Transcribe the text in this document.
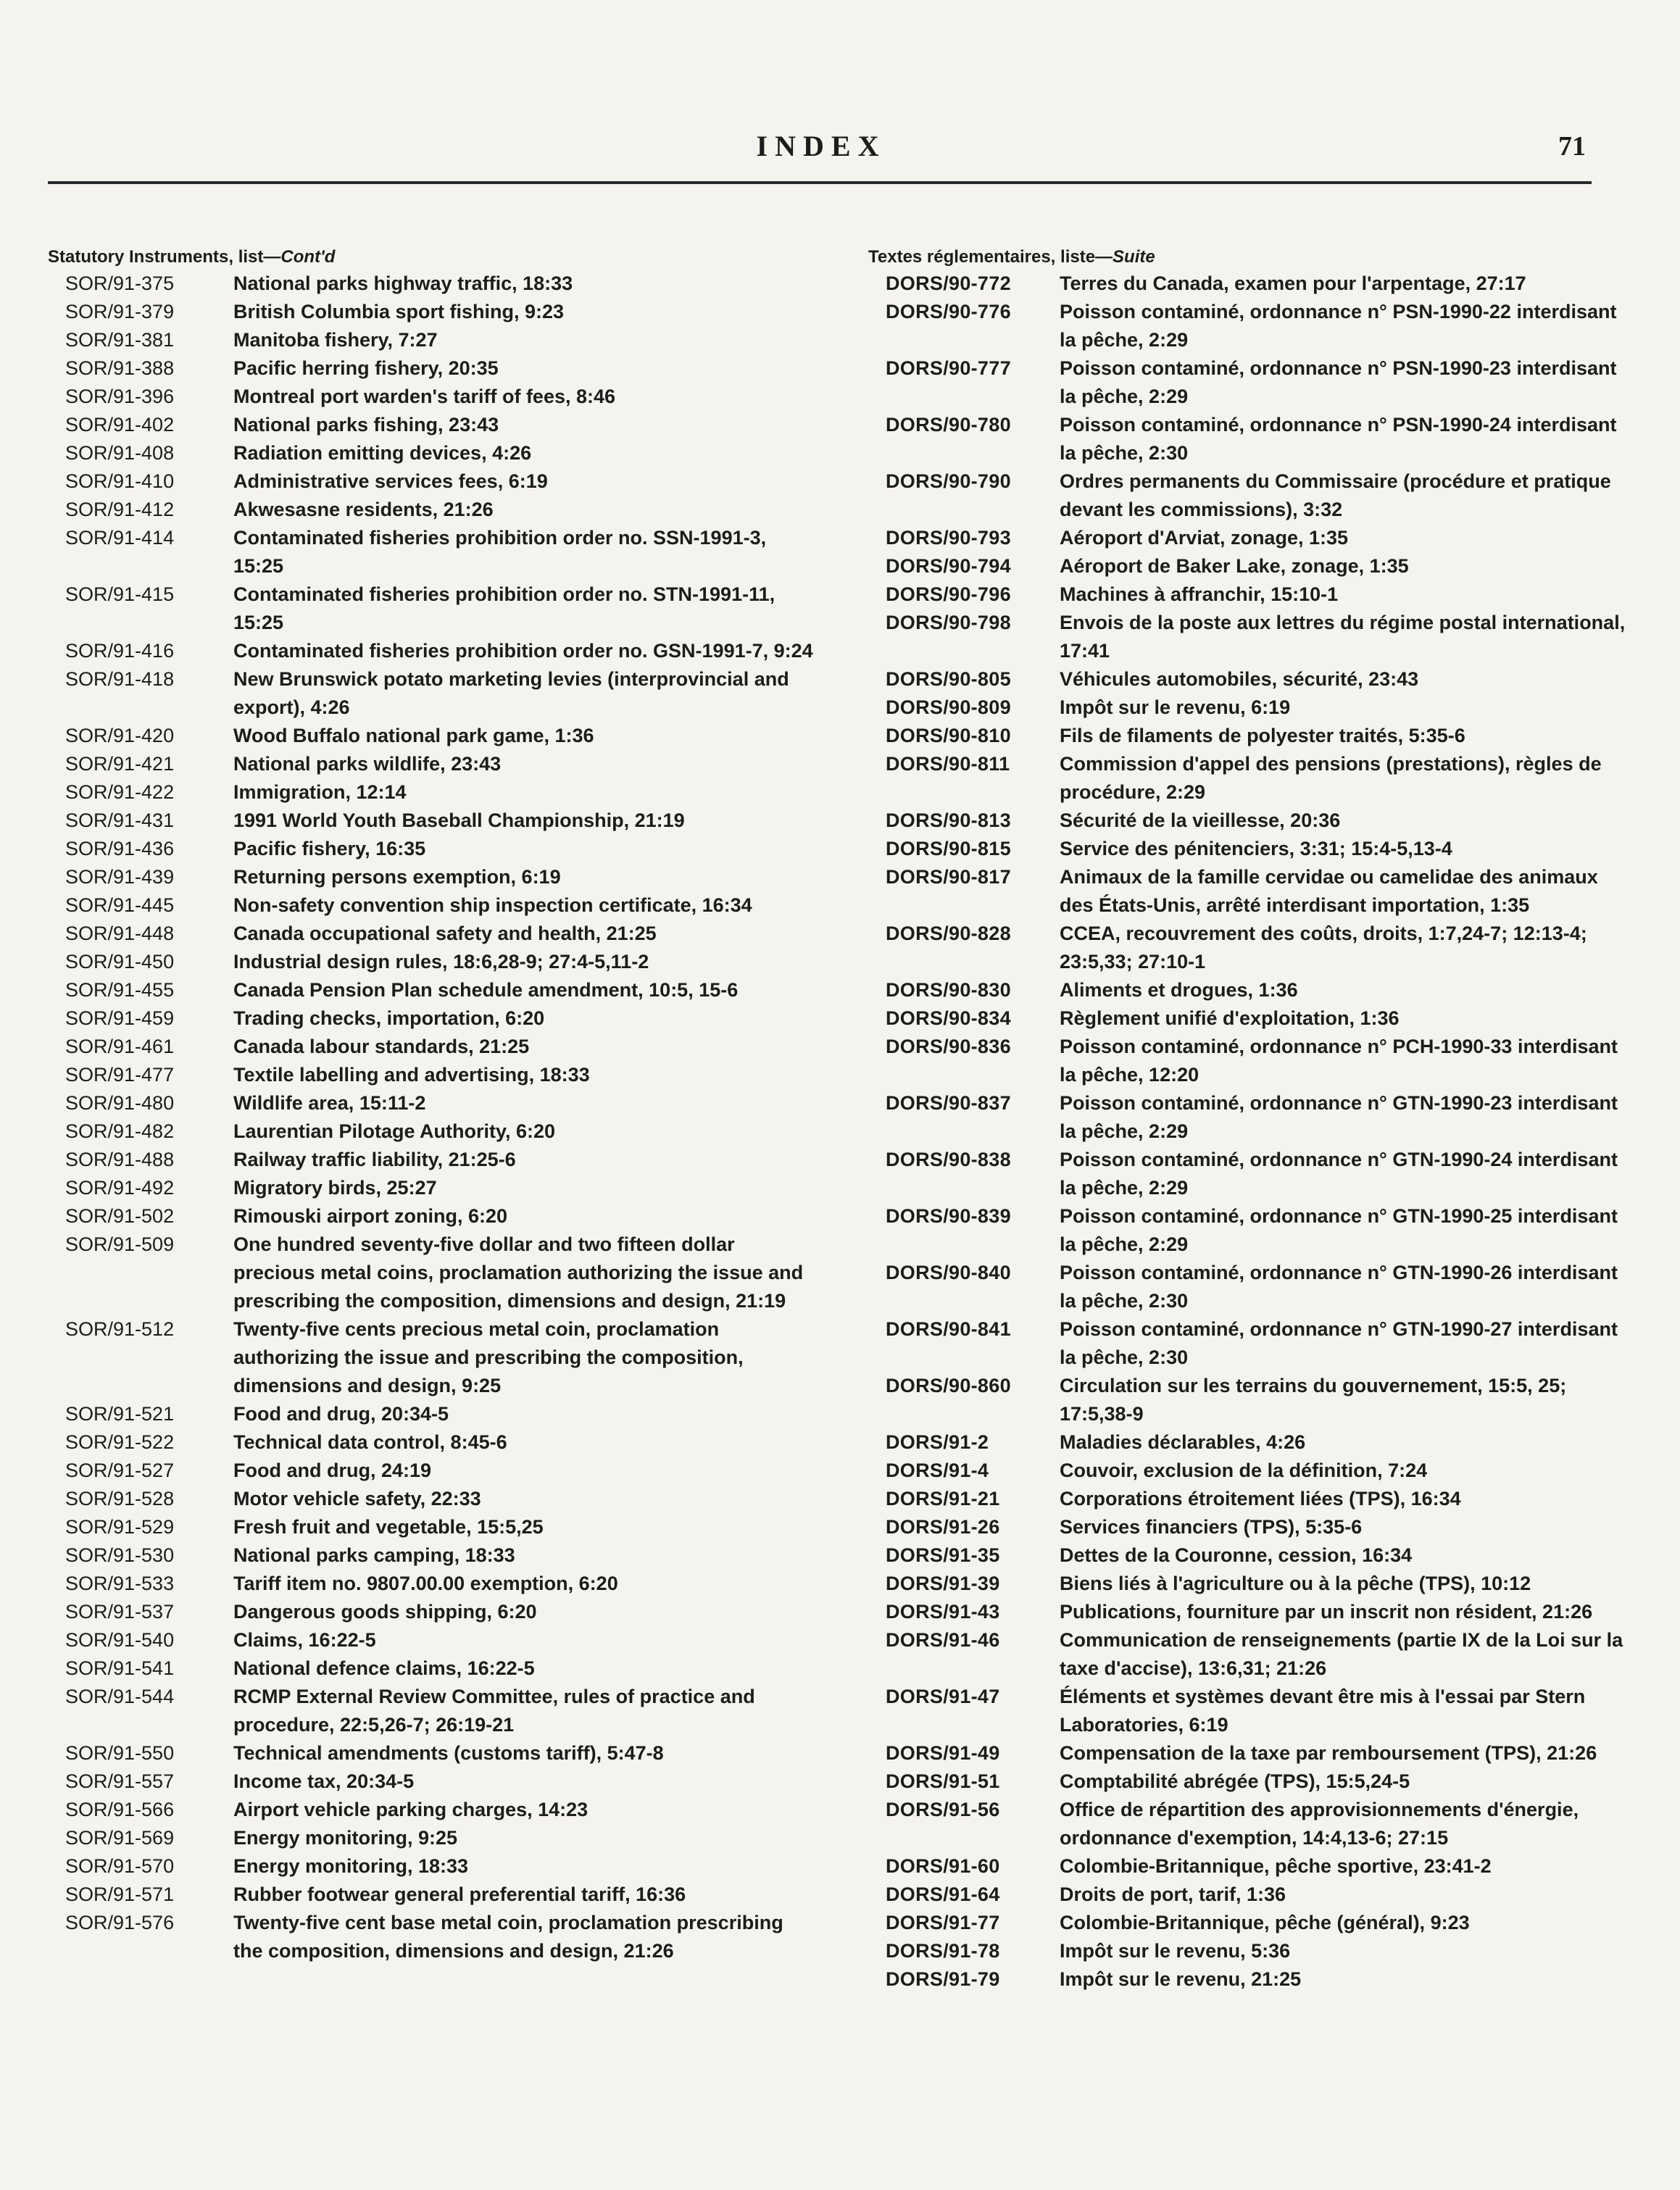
INDEX	71
Statutory Instruments, list—Cont'd
SOR/91-375	National parks highway traffic, 18:33
SOR/91-379	British Columbia sport fishing, 9:23
SOR/91-381	Manitoba fishery, 7:27
SOR/91-388	Pacific herring fishery, 20:35
SOR/91-396	Montreal port warden's tariff of fees, 8:46
SOR/91-402	National parks fishing, 23:43
SOR/91-408	Radiation emitting devices, 4:26
SOR/91-410	Administrative services fees, 6:19
SOR/91-412	Akwesasne residents, 21:26
SOR/91-414	Contaminated fisheries prohibition order no. SSN-1991-3, 15:25
SOR/91-415	Contaminated fisheries prohibition order no. STN-1991-11, 15:25
SOR/91-416	Contaminated fisheries prohibition order no. GSN-1991-7, 9:24
SOR/91-418	New Brunswick potato marketing levies (interprovincial and export), 4:26
SOR/91-420	Wood Buffalo national park game, 1:36
SOR/91-421	National parks wildlife, 23:43
SOR/91-422	Immigration, 12:14
SOR/91-431	1991 World Youth Baseball Championship, 21:19
SOR/91-436	Pacific fishery, 16:35
SOR/91-439	Returning persons exemption, 6:19
SOR/91-445	Non-safety convention ship inspection certificate, 16:34
SOR/91-448	Canada occupational safety and health, 21:25
SOR/91-450	Industrial design rules, 18:6,28-9; 27:4-5,11-2
SOR/91-455	Canada Pension Plan schedule amendment, 10:5, 15-6
SOR/91-459	Trading checks, importation, 6:20
SOR/91-461	Canada labour standards, 21:25
SOR/91-477	Textile labelling and advertising, 18:33
SOR/91-480	Wildlife area, 15:11-2
SOR/91-482	Laurentian Pilotage Authority, 6:20
SOR/91-488	Railway traffic liability, 21:25-6
SOR/91-492	Migratory birds, 25:27
SOR/91-502	Rimouski airport zoning, 6:20
SOR/91-509	One hundred seventy-five dollar and two fifteen dollar precious metal coins, proclamation authorizing the issue and prescribing the composition, dimensions and design, 21:19
SOR/91-512	Twenty-five cents precious metal coin, proclamation authorizing the issue and prescribing the composition, dimensions and design, 9:25
SOR/91-521	Food and drug, 20:34-5
SOR/91-522	Technical data control, 8:45-6
SOR/91-527	Food and drug, 24:19
SOR/91-528	Motor vehicle safety, 22:33
SOR/91-529	Fresh fruit and vegetable, 15:5,25
SOR/91-530	National parks camping, 18:33
SOR/91-533	Tariff item no. 9807.00.00 exemption, 6:20
SOR/91-537	Dangerous goods shipping, 6:20
SOR/91-540	Claims, 16:22-5
SOR/91-541	National defence claims, 16:22-5
SOR/91-544	RCMP External Review Committee, rules of practice and procedure, 22:5,26-7; 26:19-21
SOR/91-550	Technical amendments (customs tariff), 5:47-8
SOR/91-557	Income tax, 20:34-5
SOR/91-566	Airport vehicle parking charges, 14:23
SOR/91-569	Energy monitoring, 9:25
SOR/91-570	Energy monitoring, 18:33
SOR/91-571	Rubber footwear general preferential tariff, 16:36
SOR/91-576	Twenty-five cent base metal coin, proclamation prescribing the composition, dimensions and design, 21:26
Textes réglementaires, liste—Suite
DORS/90-772	Terres du Canada, examen pour l'arpentage, 27:17
DORS/90-776	Poisson contaminé, ordonnance n° PSN-1990-22 interdisant la pêche, 2:29
DORS/90-777	Poisson contaminé, ordonnance n° PSN-1990-23 interdisant la pêche, 2:29
DORS/90-780	Poisson contaminé, ordonnance n° PSN-1990-24 interdisant la pêche, 2:30
DORS/90-790	Ordres permanents du Commissaire (procédure et pratique devant les commissions), 3:32
DORS/90-793	Aéroport d'Arviat, zonage, 1:35
DORS/90-794	Aéroport de Baker Lake, zonage, 1:35
DORS/90-796	Machines à affranchir, 15:10-1
DORS/90-798	Envois de la poste aux lettres du régime postal international, 17:41
DORS/90-805	Véhicules automobiles, sécurité, 23:43
DORS/90-809	Impôt sur le revenu, 6:19
DORS/90-810	Fils de filaments de polyester traités, 5:35-6
DORS/90-811	Commission d'appel des pensions (prestations), règles de procédure, 2:29
DORS/90-813	Sécurité de la vieillesse, 20:36
DORS/90-815	Service des pénitenciers, 3:31; 15:4-5,13-4
DORS/90-817	Animaux de la famille cervidae ou camelidae des animaux des États-Unis, arrêté interdisant importation, 1:35
DORS/90-828	CCEA, recouvrement des coûts, droits, 1:7,24-7; 12:13-4; 23:5,33; 27:10-1
DORS/90-830	Aliments et drogues, 1:36
DORS/90-834	Règlement unifié d'exploitation, 1:36
DORS/90-836	Poisson contaminé, ordonnance n° PCH-1990-33 interdisant la pêche, 12:20
DORS/90-837	Poisson contaminé, ordonnance n° GTN-1990-23 interdisant la pêche, 2:29
DORS/90-838	Poisson contaminé, ordonnance n° GTN-1990-24 interdisant la pêche, 2:29
DORS/90-839	Poisson contaminé, ordonnance n° GTN-1990-25 interdisant la pêche, 2:29
DORS/90-840	Poisson contaminé, ordonnance n° GTN-1990-26 interdisant la pêche, 2:30
DORS/90-841	Poisson contaminé, ordonnance n° GTN-1990-27 interdisant la pêche, 2:30
DORS/90-860	Circulation sur les terrains du gouvernement, 15:5, 25; 17:5,38-9
DORS/91-2	Maladies déclarables, 4:26
DORS/91-4	Couvoir, exclusion de la définition, 7:24
DORS/91-21	Corporations étroitement liées (TPS), 16:34
DORS/91-26	Services financiers (TPS), 5:35-6
DORS/91-35	Dettes de la Couronne, cession, 16:34
DORS/91-39	Biens liés à l'agriculture ou à la pêche (TPS), 10:12
DORS/91-43	Publications, fourniture par un inscrit non résident, 21:26
DORS/91-46	Communication de renseignements (partie IX de la Loi sur la taxe d'accise), 13:6,31; 21:26
DORS/91-47	Éléments et systèmes devant être mis à l'essai par Stern Laboratories, 6:19
DORS/91-49	Compensation de la taxe par remboursement (TPS), 21:26
DORS/91-51	Comptabilité abrégée (TPS), 15:5,24-5
DORS/91-56	Office de répartition des approvisionnements d'énergie, ordonnance d'exemption, 14:4,13-6; 27:15
DORS/91-60	Colombie-Britannique, pêche sportive, 23:41-2
DORS/91-64	Droits de port, tarif, 1:36
DORS/91-77	Colombie-Britannique, pêche (général), 9:23
DORS/91-78	Impôt sur le revenu, 5:36
DORS/91-79	Impôt sur le revenu, 21:25
